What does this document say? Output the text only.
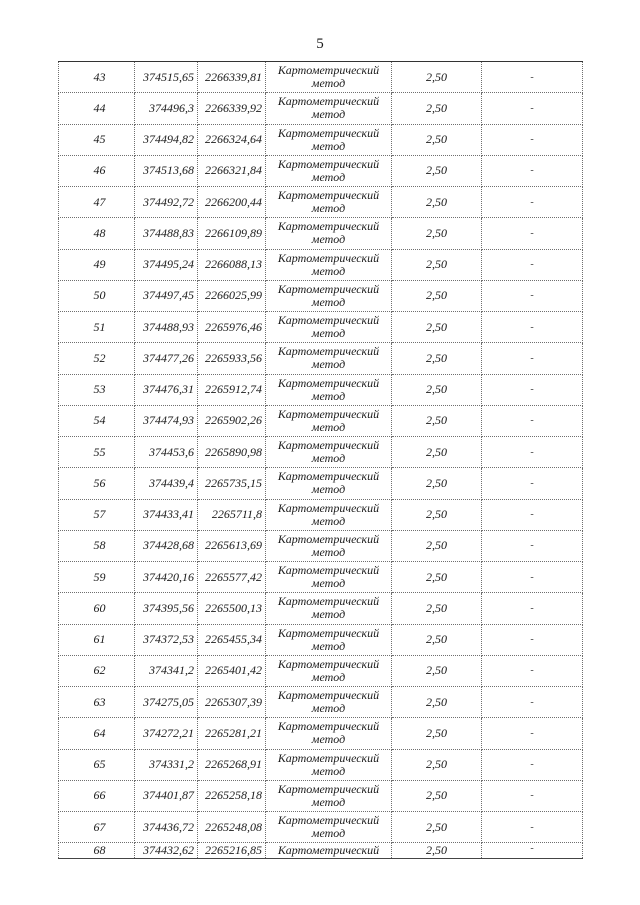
5
43	374515,65	2266339,81	Картометрический метод	2,50	-
44	374496,3	2266339,92	Картометрический метод	2,50	-
45	374494,82	2266324,64	Картометрический метод	2,50	-
46	374513,68	2266321,84	Картометрический метод	2,50	-
47	374492,72	2266200,44	Картометрический метод	2,50	-
48	374488,83	2266109,89	Картометрический метод	2,50	-
49	374495,24	2266088,13	Картометрический метод	2,50	-
50	374497,45	2266025,99	Картометрический метод	2,50	-
51	374488,93	2265976,46	Картометрический метод	2,50	-
52	374477,26	2265933,56	Картометрический метод	2,50	-
53	374476,31	2265912,74	Картометрический метод	2,50	-
54	374474,93	2265902,26	Картометрический метод	2,50	-
55	374453,6	2265890,98	Картометрический метод	2,50	-
56	374439,4	2265735,15	Картометрический метод	2,50	-
57	374433,41	2265711,8	Картометрический метод	2,50	-
58	374428,68	2265613,69	Картометрический метод	2,50	-
59	374420,16	2265577,42	Картометрический метод	2,50	-
60	374395,56	2265500,13	Картометрический метод	2,50	-
61	374372,53	2265455,34	Картометрический метод	2,50	-
62	374341,2	2265401,42	Картометрический метод	2,50	-
63	374275,05	2265307,39	Картометрический метод	2,50	-
64	374272,21	2265281,21	Картометрический метод	2,50	-
65	374331,2	2265268,91	Картометрический метод	2,50	-
66	374401,87	2265258,18	Картометрический метод	2,50	-
67	374436,72	2265248,08	Картометрический метод	2,50	-
68	374432,62	2265216,85	Картометрический	2,50	-
